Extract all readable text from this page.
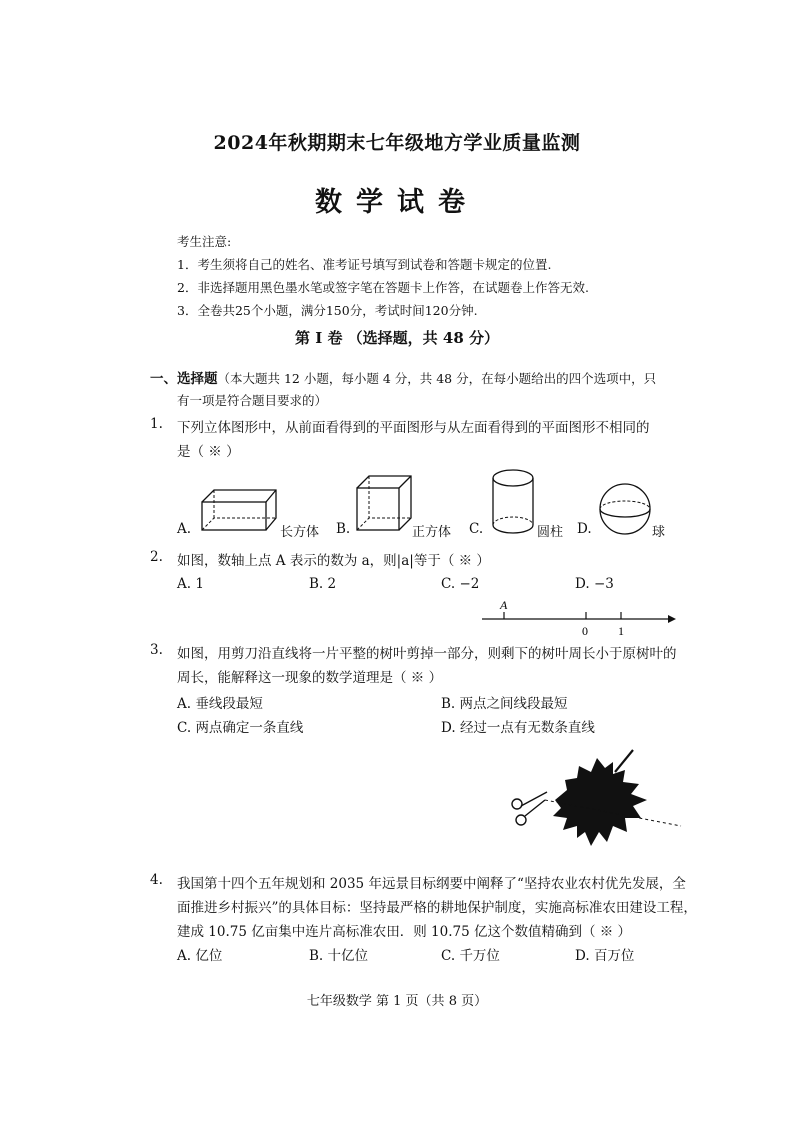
2024年秋期期末七年级地方学业质量监测
数学试卷
考生注意:
1．考生须将自己的姓名、准考证号填写到试卷和答题卡规定的位置.
2．非选择题用黑色墨水笔或签字笔在答题卡上作答，在试题卷上作答无效.
3．全卷共25个小题，满分150分，考试时间120分钟.
第 I 卷 （选择题，共 48 分）
一、选择题（本大题共 12 小题，每小题 4 分，共 48 分，在每小题给出的四个选项中，只
有一项是符合题目要求的）
1. 下列立体图形中，从前面看得到的平面图形与从左面看得到的平面图形不相同的
是（ ※ ）
A.	长方体 B.	正方体 C.	圆柱 D.	球
2. 如图，数轴上点 A 表示的数为 a，则|a|等于（ ※ ）
A. 1	B. 2	C. −2	D. −3
A
0	1
3. 如图，用剪刀沿直线将一片平整的树叶剪掉一部分，则剩下的树叶周长小于原树叶的
周长，能解释这一现象的数学道理是（ ※ ）
A. 垂线段最短	B. 两点之间线段最短
C. 两点确定一条直线	D. 经过一点有无数条直线
4. 我国第十四个五年规划和 2035 年远景目标纲要中阐释了“坚持农业农村优先发展，全
面推进乡村振兴”的具体目标：坚持最严格的耕地保护制度，实施高标准农田建设工程，
建成 10.75 亿亩集中连片高标准农田．则 10.75 亿这个数值精确到（ ※ ）
A. 亿位	B. 十亿位	C. 千万位	D. 百万位
七年级数学 第 1 页（共 8 页）
